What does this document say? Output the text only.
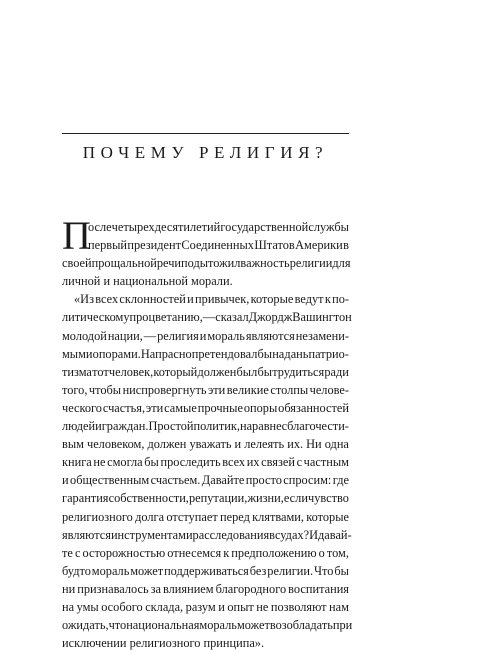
ПОЧЕМУ РЕЛИГИЯ?
П
осле четырех десятилетий государственной службы
первый президент Соединенных Штатов Америки в
своей прощальной речи подытожил важность религии для
личной и национальной морали.
«Из всех склонностей и привычек, которые ведут к по-
литическому процветанию, — сказал Джордж Вашингтон
молодой нации, — религия и мораль являются незамени-
мыми опорами. Напрасно претендовал бы на дань патрио-
тизма тот человек, который должен был бы трудиться ради
того, чтобы ниспровергнуть эти великие столпы челове-
ческого счастья, эти самые прочные опоры обязанностей
людей и граждан. Простой политик, наравне с благочести-
вым человеком, должен уважать и лелеять их. Ни одна
книга не смогла бы проследить всех их связей с частным
и общественным счастьем. Давайте просто спросим: где
гарантия собственности, репутации, жизни, если чувство
религиозного долга отступает перед клятвами, которые
являются инструментами расследования в судах? И давай-
те с осторожностью отнесемся к предположению о том,
будто мораль может поддерживаться без религии. Что бы
ни признавалось за влиянием благородного воспитания
на умы особого склада, разум и опыт не позволяют нам
ожидать, что национальная мораль может возобладать при
исключении религиозного принципа».
